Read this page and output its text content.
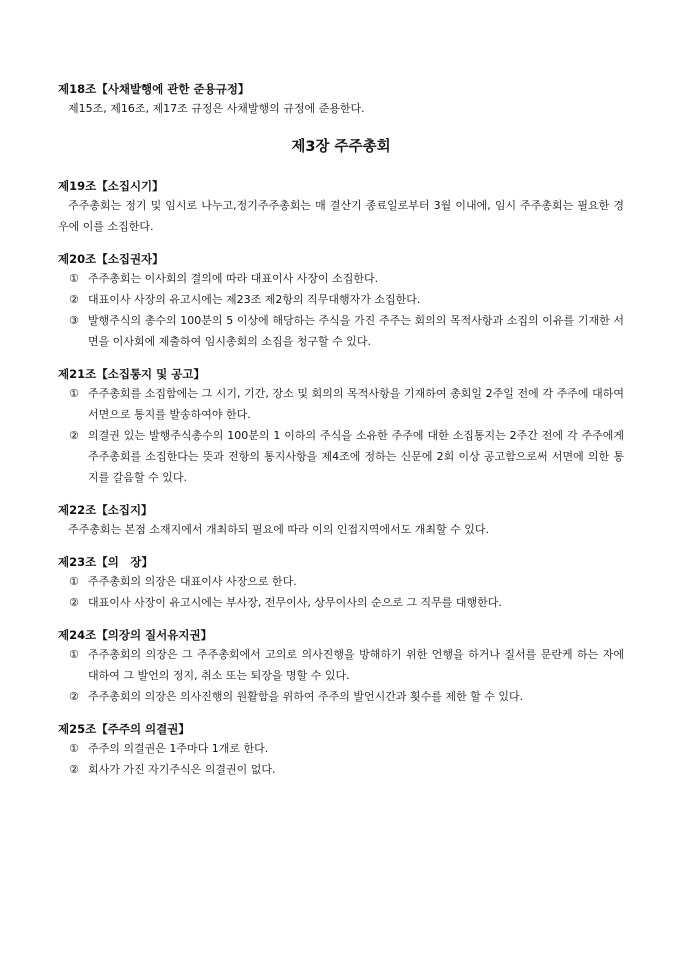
제18조【사채발행에 관한 준용규정】
제15조, 제16조, 제17조 규정은 사채발행의 규정에 준용한다.
제3장 주주총회
제19조【소집시기】
주주총회는 정기 및 임시로 나누고,정기주주총회는 매 결산기 종료일로부터 3월 이내에, 임시 주주총회는 필요한 경우에 이를 소집한다.
제20조【소집권자】
① 주주총회는 이사회의 결의에 따라 대표이사 사장이 소집한다.
② 대표이사 사장의 유고시에는 제23조 제2항의 직무대행자가 소집한다.
③ 발행주식의 총수의 100분의 5 이상에 해당하는 주식을 가진 주주는 회의의 목적사항과 소집의 이유를 기재한 서면을 이사회에 제출하여 임시총회의 소집을 청구할 수 있다.
제21조【소집통지 및 공고】
① 주주총회를 소집함에는 그 시기, 기간, 장소 및 회의의 목적사항을 기재하여 총회일 2주일 전에 각 주주에 대하여 서면으로 통지를 발송하여야 한다.
② 의결권 있는 발행주식총수의 100분의 1 이하의 주식을 소유한 주주에 대한 소집통지는 2주간 전에 각 주주에게 주주총회를 소집한다는 뜻과 전항의 통지사항을 제4조에 정하는 신문에 2회 이상 공고함으로써 서면에 의한 통지를 갈음할 수 있다.
제22조【소집지】
주주총회는 본점 소재지에서 개최하되 필요에 따라 이의 인접지역에서도 개최할 수 있다.
제23조【의　장】
① 주주총회의 의장은 대표이사 사장으로 한다.
② 대표이사 사장이 유고시에는 부사장, 전무이사, 상무이사의 순으로 그 직무를 대행한다.
제24조【의장의 질서유지권】
① 주주총회의 의장은 그 주주총회에서 고의로 의사진행을 방해하기 위한 언행을 하거나 질서를 문란케 하는 자에 대하여 그 발언의 정지, 취소 또는 퇴장을 명할 수 있다.
② 주주총회의 의장은 의사진행의 원활함을 위하여 주주의 발언시간과 횟수를 제한 할 수 있다.
제25조【주주의 의결권】
① 주주의 의결권은 1주마다 1개로 한다.
② 회사가 가진 자기주식은 의결권이 없다.
